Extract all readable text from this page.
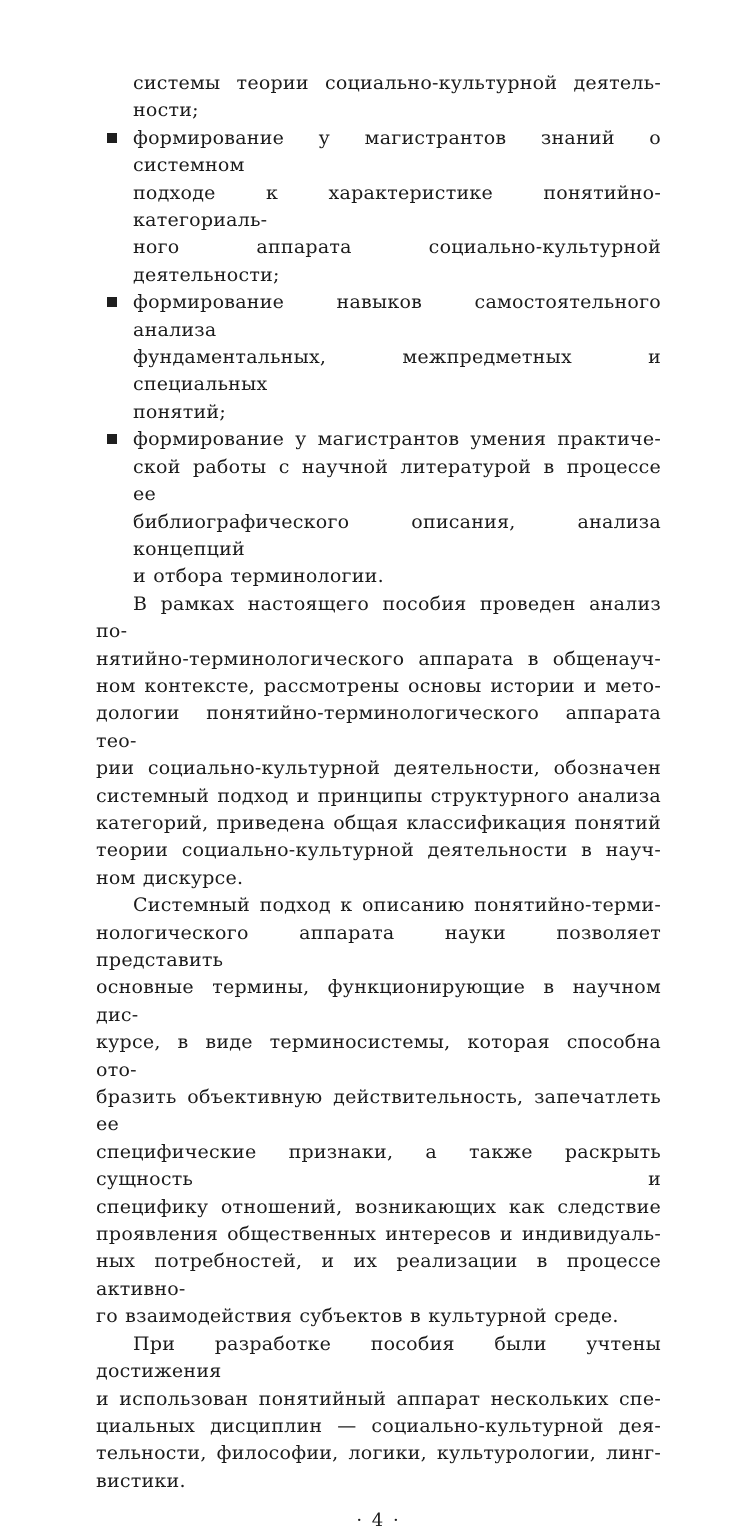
системы теории социально-культурной деятель-
ности;
формирование у магистрантов знаний о системном
подходе к характеристике понятийно-категориаль-
ного аппарата социально-культурной деятельности;
формирование навыков самостоятельного анализа
фундаментальных, межпредметных и специальных
понятий;
формирование у магистрантов умения практиче-
ской работы с научной литературой в процессе ее
библиографического описания, анализа концепций
и отбора терминологии.
В рамках настоящего пособия проведен анализ по-
нятийно-терминологического аппарата в общенауч-
ном контексте, рассмотрены основы истории и мето-
дологии понятийно-терминологического аппарата тео-
рии социально-культурной деятельности, обозначен
системный подход и принципы структурного анализа
категорий, приведена общая классификация понятий
теории социально-культурной деятельности в науч-
ном дискурсе.
Системный подход к описанию понятийно-терми-
нологического аппарата науки позволяет представить
основные термины, функционирующие в научном дис-
курсе, в виде терминосистемы, которая способна ото-
бразить объективную действительность, запечатлеть ее
специфические признаки, а также раскрыть сущность и
специфику отношений, возникающих как следствие
проявления общественных интересов и индивидуаль-
ных потребностей, и их реализации в процессе активно-
го взаимодействия субъектов в культурной среде.
При разработке пособия были учтены достижения
и использован понятийный аппарат нескольких спе-
циальных дисциплин — социально-культурной дея-
тельности, философии, логики, культурологии, линг-
вистики.
· 4 ·
